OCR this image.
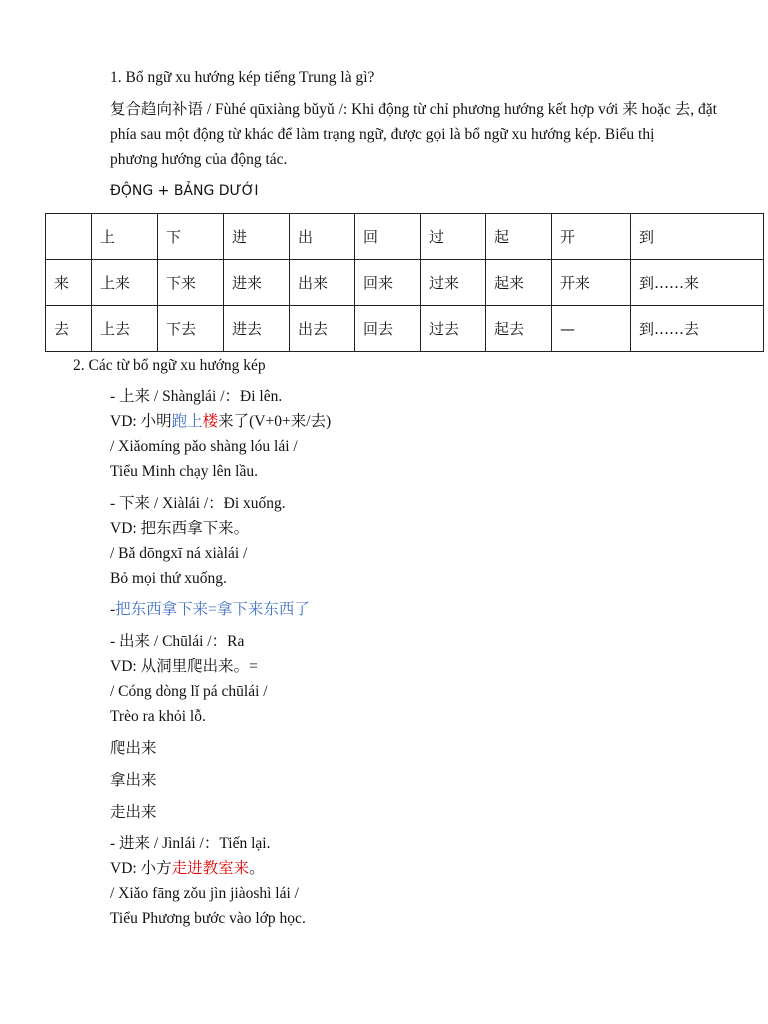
1. Bổ ngữ xu hướng kép tiếng Trung là gì?
复合趋向补语 / Fùhé qūxiàng bǔyǔ /: Khi động từ chỉ phương hướng kết hợp với 来 hoặc 去, đặt
phía sau một động từ khác để làm trạng ngữ, được gọi là bổ ngữ xu hướng kép. Biểu thị
phương hướng của động tác.
ĐỘNG + BẢNG DƯỚI
	上	下	进	出	回	过	起	开	到
来	上来	下来	进来	出来	回来	过来	起来	开来	到……来
去	上去	下去	进去	出去	回去	过去	起去	—	到……去
2. Các từ bổ ngữ xu hướng kép
- 上来 / Shànglái /：Đi lên.
VD: 小明跑上楼来了(V+0+来/去)
/ Xiǎomíng pǎo shàng lóu lái /
Tiểu Minh chạy lên lầu.
- 下来 / Xiàlái /：Đi xuống.
VD: 把东西拿下来。
/ Bǎ dōngxī ná xiàlái /
Bỏ mọi thứ xuống.
-把东西拿下来=拿下来东西了
- 出来 / Chūlái /：Ra
VD: 从洞里爬出来。=
/ Cóng dòng lǐ pá chūlái /
Trèo ra khỏi lỗ.
爬出来
拿出来
走出来
- 进来 / Jìnlái /：Tiến lại.
VD: 小方走进教室来。
/ Xiǎo fāng zǒu jìn jiàoshì lái /
Tiểu Phương bước vào lớp học.
